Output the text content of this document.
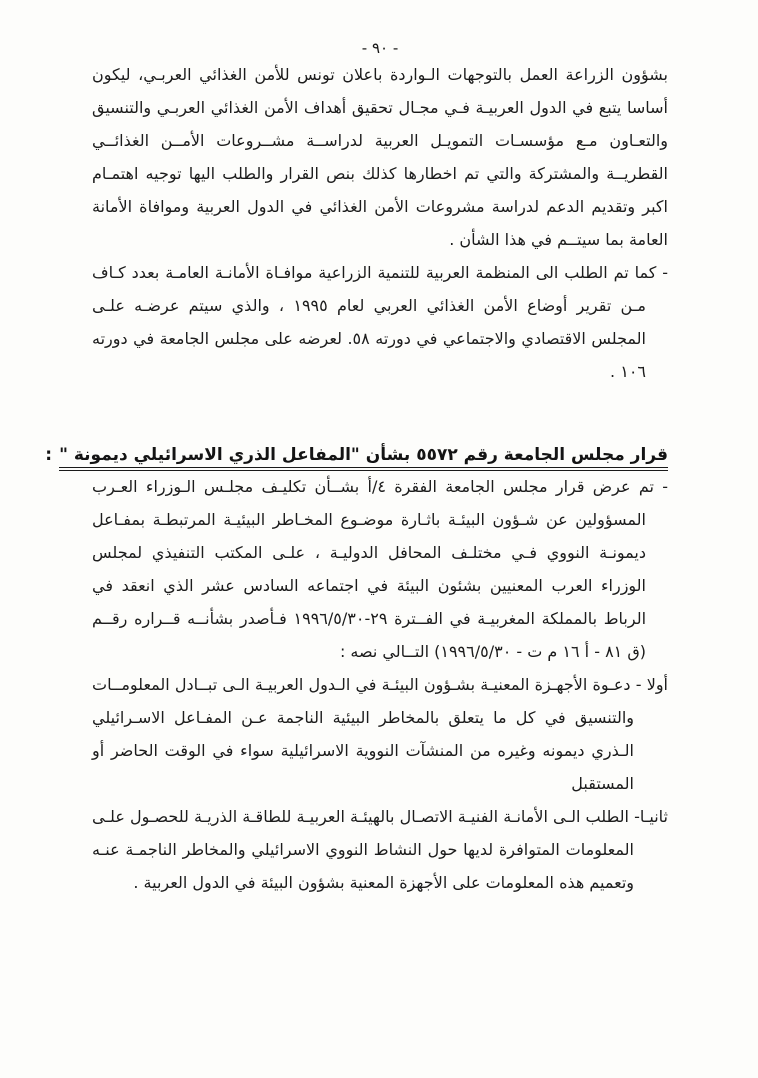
- ٩٠ -

بشؤون الزراعة العمل بالتوجهات الـواردة باعلان تونس للأمن الغذائي العربـي، ليكون أساسا يتبع في الدول العربيـة فـي مجـال تحقيق أهداف الأمن الغذائي العربـي والتنسيق والتعـاون مـع مؤسسـات التمويـل العربية لدراســة مشــروعات الأمــن الغذائــي القطريــة والمشتركة والتي تم اخطارها كذلك بنص القرار والطلب اليها توجيه اهتمـام اكبر وتقديم الدعم لدراسة مشروعات الأمن الغذائي في الدول العربية وموافاة الأمانة العامة بما سيتــم في هذا الشأن .

- كما تم الطلب الى المنظمة العربية للتنمية الزراعية موافـاة الأمانـة العامـة بعدد كـاف مـن تقرير أوضاع الأمن الغذائي العربي لعام ١٩٩٥ ، والذي سيتم عرضـه علـى المجلس الاقتصادي والاجتماعي في دورته ٥٨. لعرضه على مجلس الجامعة في دورته ١٠٦ .

قرار مجلس الجامعة رقم ٥٥٧٢ بشأن "المفاعل الذري الاسرائيلي ديمونة ":

- تم عرض قرار مجلس الجامعة الفقرة ٤/أ بشــأن تكليـف مجلـس الـوزراء العـرب المسؤولين عن شـؤون البيئـة باثـارة موضـوع المخـاطر البيئيـة المرتبطـة بمفـاعل ديمونـة النووي فـي مختلـف المحافل الدوليـة ، علـى المكتب التنفيذي لمجلس الوزراء العرب المعنيين بشئون البيئة في اجتماعه السادس عشر الذي انعقد في الرباط بالمملكة المغربيـة في الفــترة ٢٩-١٩٩٦/٥/٣٠ فـأصدر بشأنــه قــراره رقــم (ق ٨١ - أ ١٦ م ت - ١٩٩٦/٥/٣٠) التــالي نصه :

أولا - دعـوة الأجهـزة المعنيـة بشـؤون البيئـة في الـدول العربيـة الـى تبــادل المعلومــات والتنسيق في كل ما يتعلق بالمخاطر البيئية الناجمة عـن المفـاعل الاسـرائيلي الـذري ديمونه وغيره من المنشآت النووية الاسرائيلية سواء في الوقت الحاضر أو المستقبل

ثانيـا- الطلب الـى الأمانـة الفنيـة الاتصـال بالهيئـة العربيـة للطاقـة الذريـة للحصـول علـى المعلومات المتوافرة لديها حول النشاط النووي الاسرائيلي والمخاطر الناجمـة عنـه وتعميم هذه المعلومات على الأجهزة المعنية بشؤون البيئة في الدول العربية .
